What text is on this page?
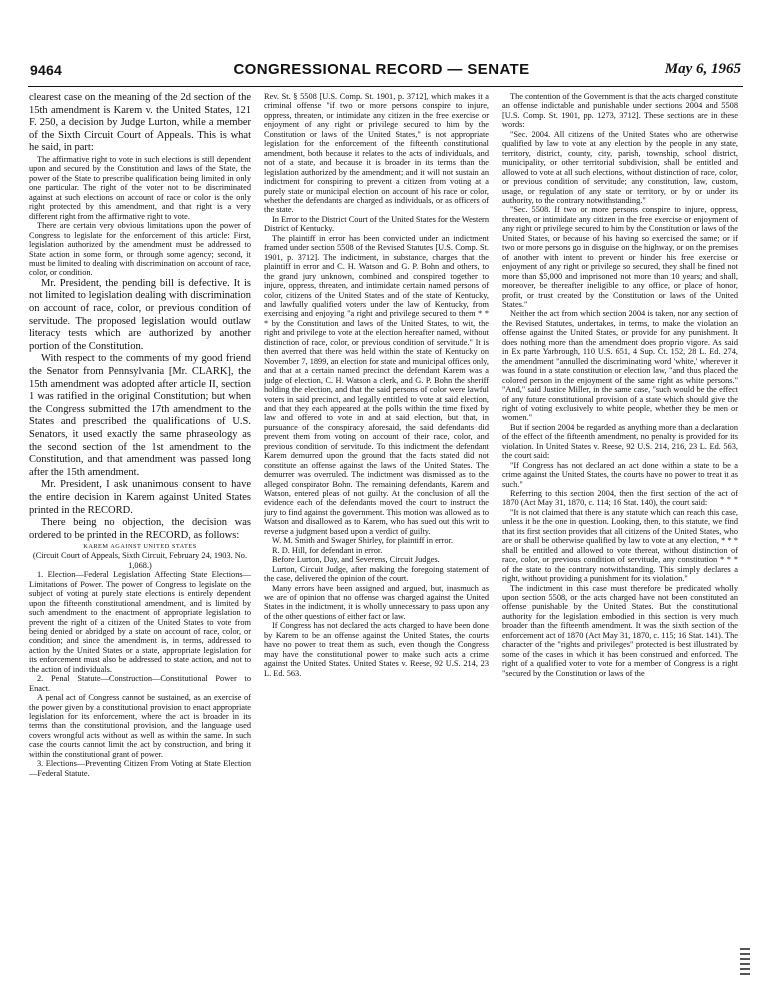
9464	CONGRESSIONAL RECORD — SENATE	May 6, 1965

clearest case on the meaning of the 2d section of the 15th amendment is Karem v. the United States, 121 F. 250, a decision by Judge Lurton, while a member of the Sixth Circuit Court of Appeals. This is what he said, in part:

The affirmative right to vote in such elections is still dependent upon and secured by the Constitution and laws of the State, the power of the State to prescribe qualification being limited in only one particular. The right of the voter not to be discriminated against at such elections on account of race or color is the only right protected by this amendment, and that right is a very different right from the affirmative right to vote.

There are certain very obvious limitations upon the power of Congress to legislate for the enforcement of this article: First, legislation authorized by the amendment must be addressed to State action in some form, or through some agency; second, it must be limited to dealing with discrimination on account of race, color, or condition.

Mr. President, the pending bill is defective. It is not limited to legislation dealing with discrimination on account of race, color, or previous condition of servitude. The proposed legislation would outlaw literacy tests which are authorized by another portion of the Constitution.

With respect to the comments of my good friend the Senator from Pennsylvania [Mr. CLARK], the 15th amendment was adopted after article II, section 1 was ratified in the original Constitution; but when the Congress submitted the 17th amendment to the States and prescribed the qualifications of U.S. Senators, it used exactly the same phraseology as the second section of the 1st amendment to the Constitution, and that amendment was passed long after the 15th amendment.

Mr. President, I ask unanimous consent to have the entire decision in Karem against United States printed in the RECORD.

There being no objection, the decision was ordered to be printed in the RECORD, as follows:

KAREM AGAINST UNITED STATES

(Circuit Court of Appeals, Sixth Circuit, February 24, 1903. No. 1,068.)

1. Election—Federal Legislation Affecting State Elections—Limitations of Power. The power of Congress to legislate on the subject of voting at purely state elections is entirely dependent upon the fifteenth constitutional amendment, and is limited by such amendment to the enactment of appropriate legislation to prevent the right of a citizen of the United States to vote from being denied or abridged by a state on account of race, color, or condition; and since the amendment is, in terms, addressed to action by the United States or a state, appropriate legislation for its enforcement must also be addressed to state action, and not to the action of individuals.

2. Penal Statute—Construction—Constitutional Power to Enact.

A penal act of Congress cannot be sustained, as an exercise of the power given by a constitutional provision to enact appropriate legislation for its enforcement, where the act is broader in its terms than the constitutional provision, and the language used covers wrongful acts without as well as within the same. In such case the courts cannot limit the act by construction, and bring it within the constitutional grant of power.

3. Elections—Preventing Citizen From Voting at State Election—Federal Statute.

Rev. St. § 5508 [U.S. Comp. St. 1901, p. 3712], which makes it a criminal offense "if two or more persons conspire to injure, oppress, threaten, or intimidate any citizen in the free exercise or enjoyment of any right or privilege secured to him by the Constitution or laws of the United States," is not appropriate legislation for the enforcement of the fifteenth constitutional amendment, both because it relates to the acts of individuals, and not of a state, and because it is broader in its terms than the legislation authorized by the amendment; and it will not sustain an indictment for conspiring to prevent a citizen from voting at a purely state or municipal election on account of his race or color, whether the defendants are charged as individuals, or as officers of the state.

In Error to the District Court of the United States for the Western District of Kentucky.

The plaintiff in error has been convicted under an indictment framed under section 5508 of the Revised Statutes [U.S. Comp. St. 1901, p. 3712]. The indictment, in substance, charges that the plaintiff in error and C. H. Watson and G. P. Bohn and others, to the grand jury unknown, combined and conspired together to injure, oppress, threaten, and intimidate certain named persons of color, citizens of the United States and of the state of Kentucky, and lawfully qualified voters under the law of Kentucky, from exercising and enjoying "a right and privilege secured to them * * * by the Constitution and laws of the United States, to wit, the right and privilege to vote at the election hereafter named, without distinction of race, color, or previous condition of servitude." It is then averred that there was held within the state of Kentucky on November 7, 1899, an election for state and municipal offices only, and that at a certain named precinct the defendant Karem was a judge of election, C. H. Watson a clerk, and G. P. Bohn the sheriff holding the election, and that the said persons of color were lawful voters in said precinct, and legally entitled to vote at said election, and that they each appeared at the polls within the time fixed by law and offered to vote in and at said election, but that, in pursuance of the conspiracy aforesaid, the said defendants did prevent them from voting on account of their race, color, and previous condition of servitude. To this indictment the defendant Karem demurred upon the ground that the facts stated did not constitute an offense against the laws of the United States. The demurrer was overruled. The indictment was dismissed as to the alleged conspirator Bohn. The remaining defendants, Karem and Watson, entered pleas of not guilty. At the conclusion of all the evidence each of the defendants moved the court to instruct the jury to find against the government. This motion was allowed as to Watson and disallowed as to Karem, who has sued out this writ to reverse a judgment based upon a verdict of guilty.

W. M. Smith and Swager Shirley, for plaintiff in error.

R. D. Hill, for defendant in error.

Before Lurton, Day, and Severens, Circuit Judges.

Lurton, Circuit Judge, after making the foregoing statement of the case, delivered the opinion of the court.

Many errors have been assigned and argued, but, inasmuch as we are of opinion that no offense was charged against the United States in the indictment, it is wholly unnecessary to pass upon any of the other questions of either fact or law.

If Congress has not declared the acts charged to have been done by Karem to be an offense against the United States, the courts have no power to treat them as such, even though the Congress may have the constitutional power to make such acts a crime against the United States. United States v. Reese, 92 U.S. 214, 23 L. Ed. 563.

The contention of the Government is that the acts charged constitute an offense indictable and punishable under sections 2004 and 5508 [U.S. Comp. St. 1901, pp. 1273, 3712]. These sections are in these words:

"Sec. 2004. All citizens of the United States who are otherwise qualified by law to vote at any election by the people in any state, territory, district, county, city, parish, township, school district, municipality, or other territorial subdivision, shall be entitled and allowed to vote at all such elections, without distinction of race, color, or previous condition of servitude; any constitution, law, custom, usage, or regulation of any state or territory, or by or under its authority, to the contrary notwithstanding."

"Sec. 5508. If two or more persons conspire to injure, oppress, threaten, or intimidate any citizen in the free exercise or enjoyment of any right or privilege secured to him by the Constitution or laws of the United States, or because of his having so exercised the same; or if two or more persons go in disguise on the highway, or on the premises of another with intent to prevent or hinder his free exercise or enjoyment of any right or privilege so secured, they shall be fined not more than $5,000 and imprisoned not more than 10 years; and shall, moreover, be thereafter ineligible to any office, or place of honor, profit, or trust created by the Constitution or laws of the United States."

Neither the act from which section 2004 is taken, nor any section of the Revised Statutes, undertakes, in terms, to make the violation an offense against the United States, or provide for any punishment. It does nothing more than the amendment does proprio vigore. As said in Ex parte Yarbrough, 110 U.S. 651, 4 Sup. Ct. 152, 28 L. Ed. 274, the amendment "annulled the discriminating word 'white,' wherever it was found in a state constitution or election law, "and thus placed the colored person in the enjoyment of the same right as white persons." "And," said Justice Miller, in the same case, "such would be the effect of any future constitutional provision of a state which should give the right of voting exclusively to white people, whether they be men or women."

But if section 2004 be regarded as anything more than a declaration of the effect of the fifteenth amendment, no penalty is provided for its violation. In United States v. Reese, 92 U.S. 214, 216, 23 L. Ed. 563, the court said:

"If Congress has not declared an act done within a state to be a crime against the United States, the courts have no power to treat it as such."

Referring to this section 2004, then the first section of the act of 1870 (Act May 31, 1870, c. 114; 16 Stat. 140), the court said:

"It is not claimed that there is any statute which can reach this case, unless it be the one in question. Looking, then, to this statute, we find that its first section provides that all citizens of the United States, who are or shall be otherwise qualified by law to vote at any election, * * * shall be entitled and allowed to vote thereat, without distinction of race, color, or previous condition of servitude, any constitution * * * of the state to the contrary notwithstanding. This simply declares a right, without providing a punishment for its violation."

The indictment in this case must therefore be predicated wholly upon section 5508, or the acts charged have not been constituted an offense punishable by the United States. But the constitutional authority for the legislation embodied in this section is very much broader than the fifteenth amendment. It was the sixth section of the enforcement act of 1870 (Act May 31, 1870, c. 115; 16 Stat. 141). The character of the "rights and privileges" protected is best illustrated by some of the cases in which it has been construed and enforced. The right of a qualified voter to vote for a member of Congress is a right "secured by the Constitution or laws of the
